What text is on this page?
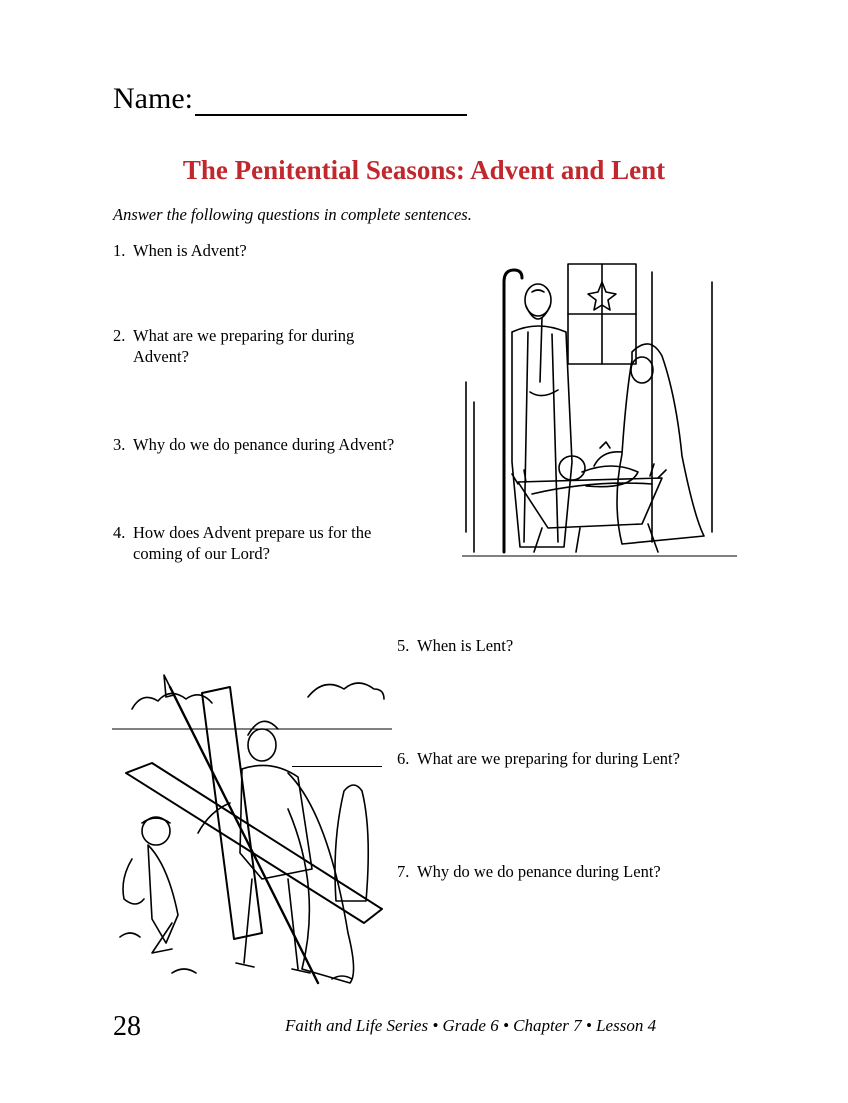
Name:
The Penitential Seasons: Advent and Lent
Answer the following questions in complete sentences.
1. When is Advent?
2. What are we preparing for during
Advent?
3. Why do we do penance during Advent?
4. How does Advent prepare us for the
coming of our Lord?
5. When is Lent?
6. What are we preparing for during Lent?
7. Why do we do penance during Lent?
28	Faith and Life Series • Grade 6 • Chapter 7 • Lesson 4
